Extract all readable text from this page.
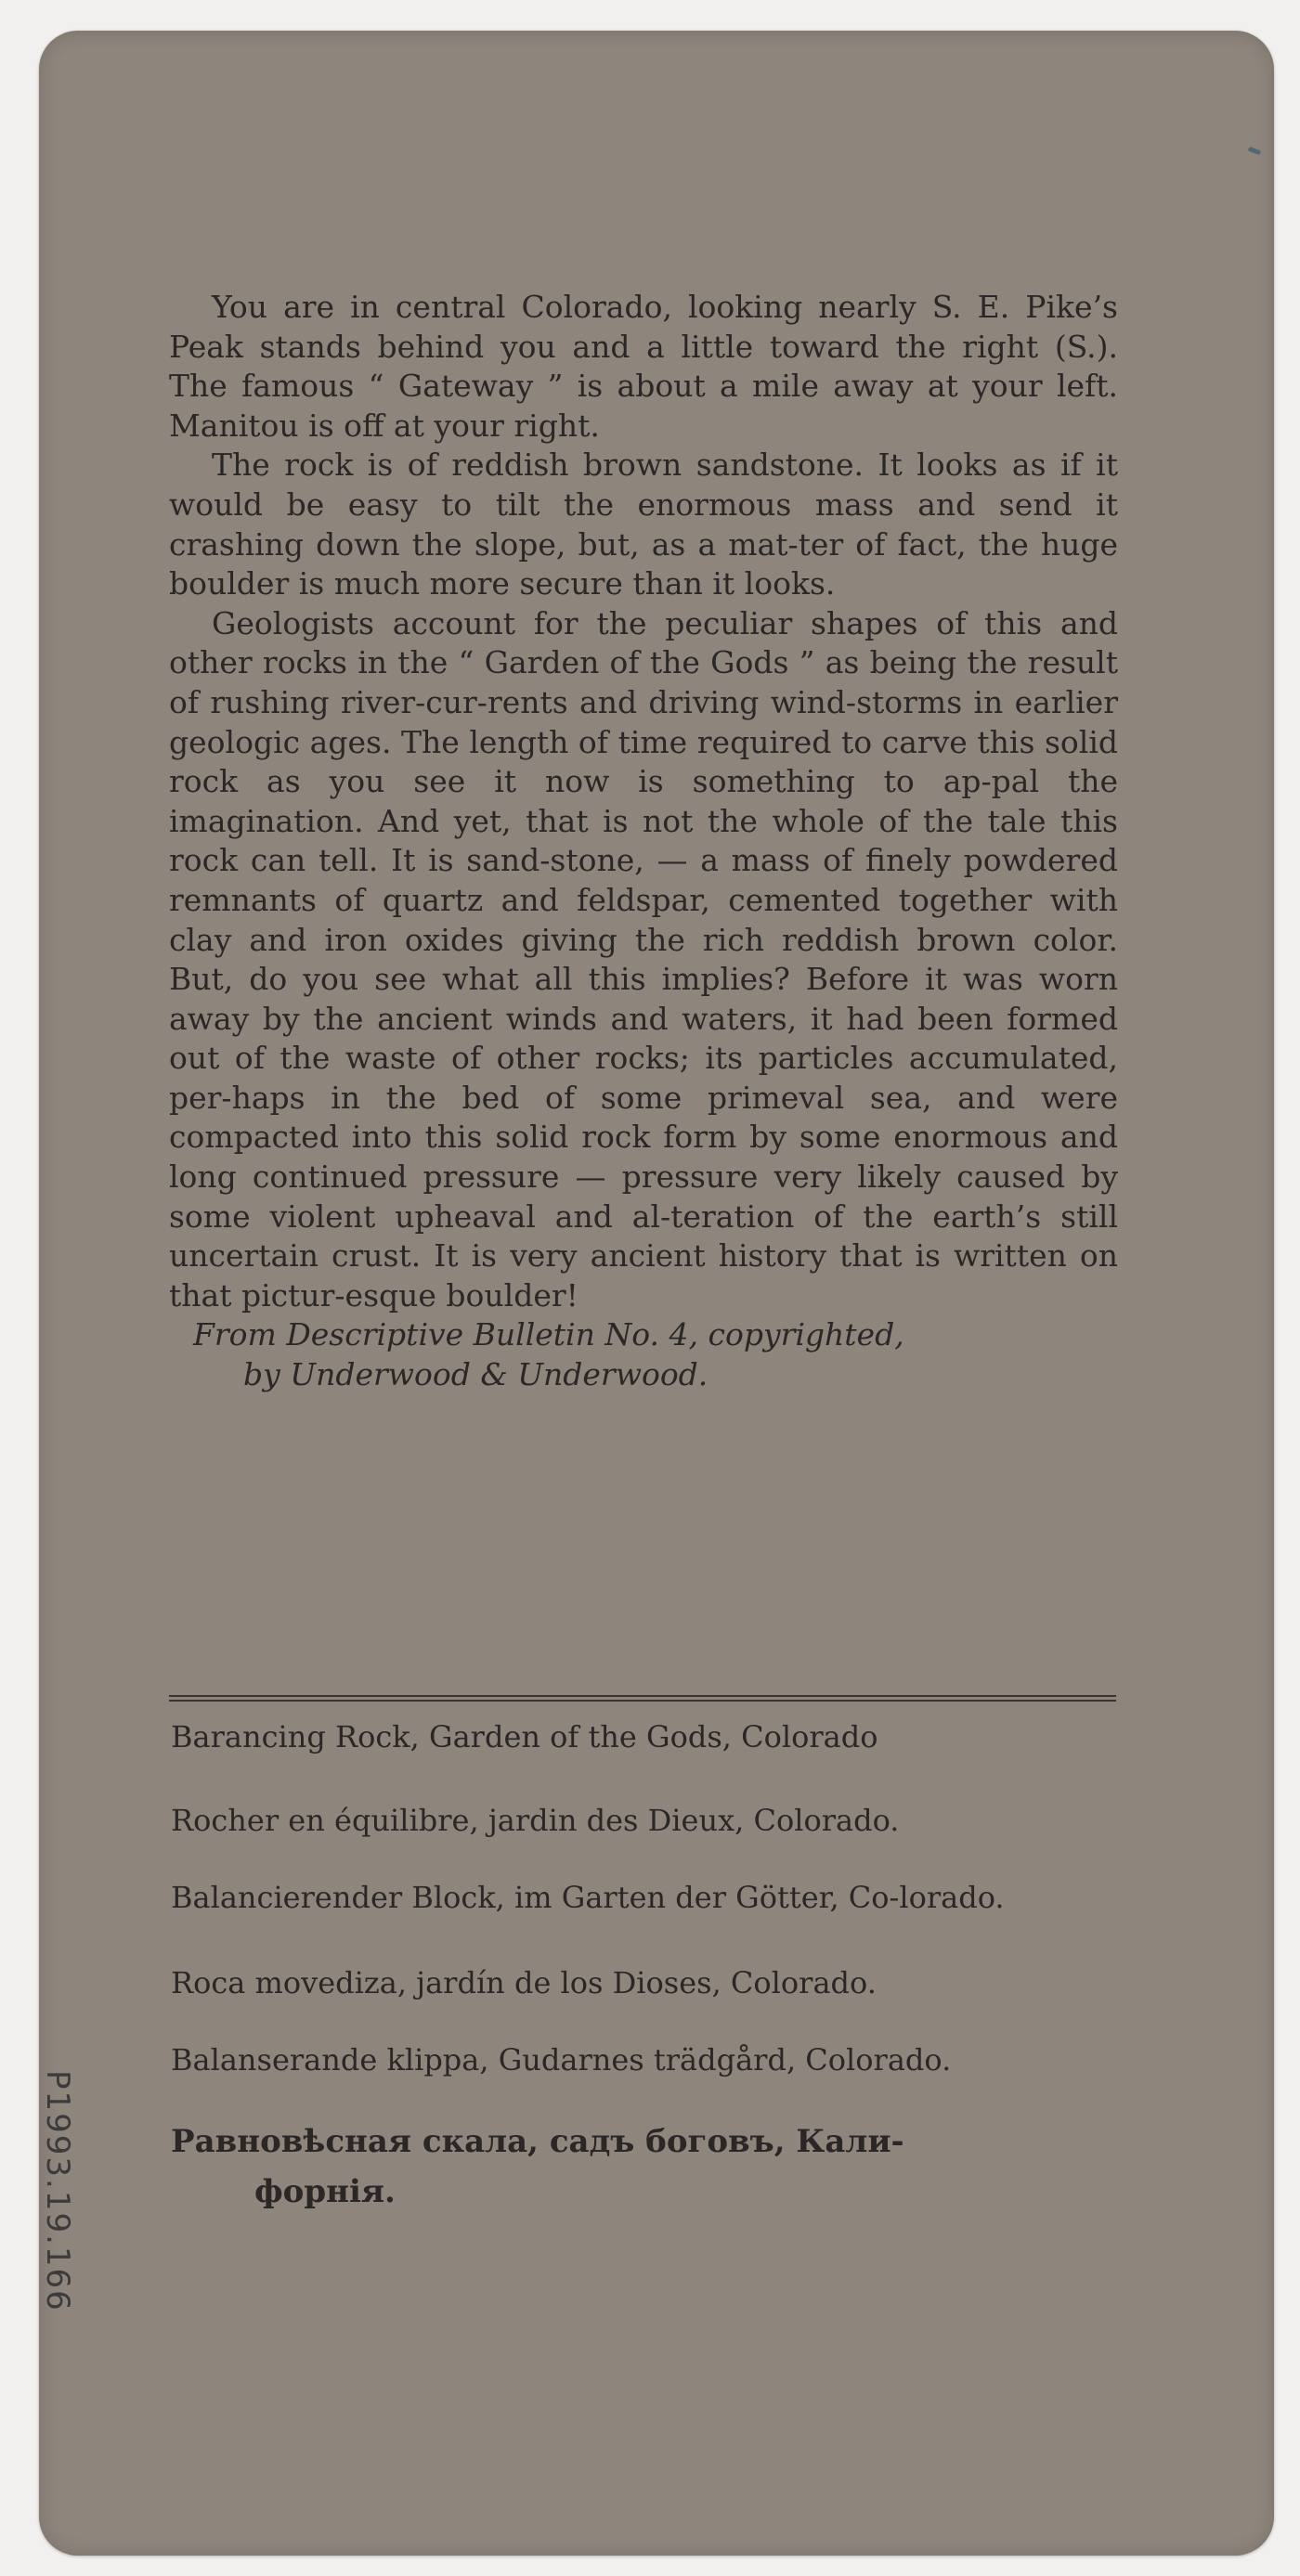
You are in central Colorado, looking nearly S. E. Pike’s Peak stands behind you and a little toward the right (S.). The famous “ Gateway ” is about a mile away at your left. Manitou is off at your right.

The rock is of reddish brown sandstone. It looks as if it would be easy to tilt the enormous mass and send it crashing down the slope, but, as a mat-ter of fact, the huge boulder is much more secure than it looks.

Geologists account for the peculiar shapes of this and other rocks in the “ Garden of the Gods ” as being the result of rushing river-cur-rents and driving wind-storms in earlier geologic ages. The length of time required to carve this solid rock as you see it now is something to ap-pal the imagination. And yet, that is not the whole of the tale this rock can tell. It is sand-stone, — a mass of finely powdered remnants of quartz and feldspar, cemented together with clay and iron oxides giving the rich reddish brown color. But, do you see what all this implies? Before it was worn away by the ancient winds and waters, it had been formed out of the waste of other rocks; its particles accumulated, per-haps in the bed of some primeval sea, and were compacted into this solid rock form by some enormous and long continued pressure — pressure very likely caused by some violent upheaval and al-teration of the earth’s still uncertain crust. It is very ancient history that is written on that pictur-esque boulder!

From Descriptive Bulletin No. 4, copyrighted,
by Underwood & Underwood.
Barancing Rock, Garden of the Gods, Colorado
Rocher en équilibre, jardin des Dieux, Colorado.
Balancierender Block, im Garten der Götter, Co-lorado.
Roca movediza, jardín de los Dioses, Colorado.
Balanserande klippa, Gudarnes trädgård, Colorado.
Равновѣсная скала, садъ боговъ, Кали-
форнія.
P1993.19.166
